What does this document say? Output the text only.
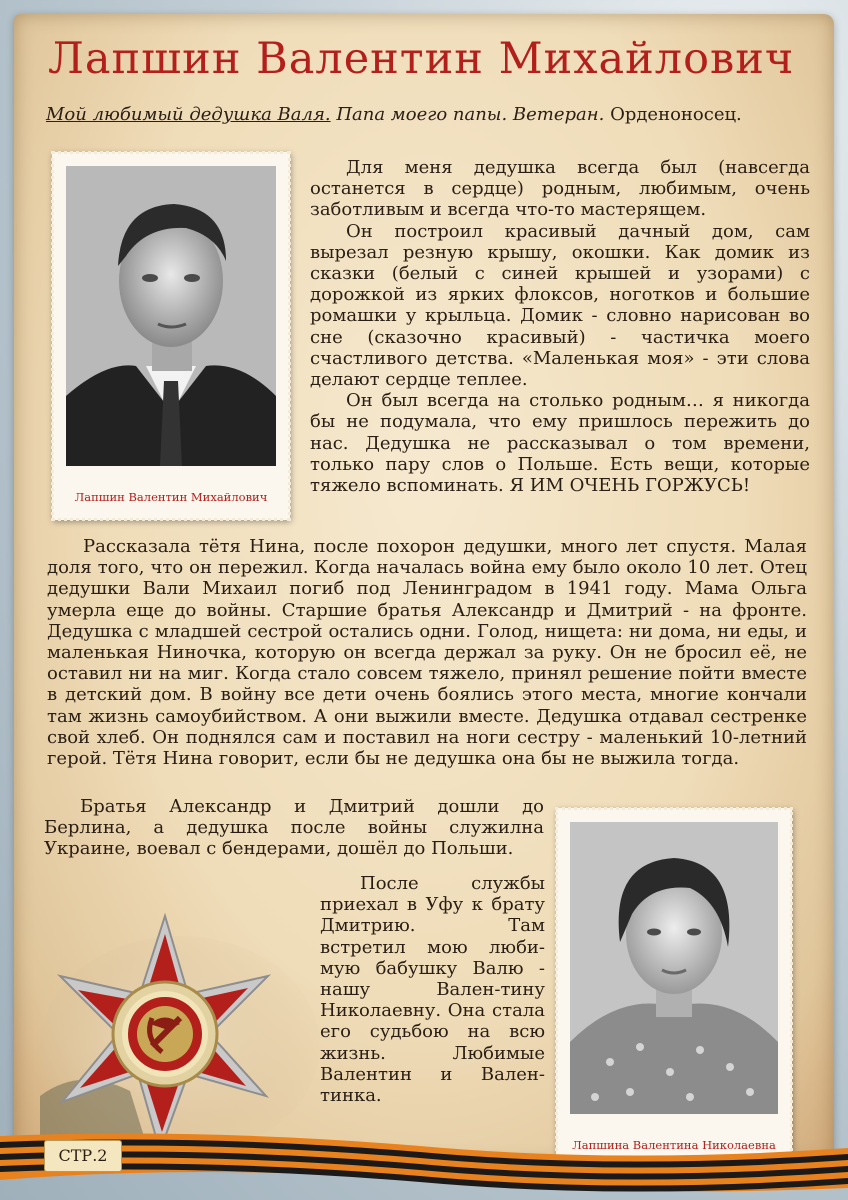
Лапшин Валентин Михайлович
Мой любимый дедушка Валя. Папа моего папы. Ветеран. Орденоносец.
Лапшин Валентин Михайлович

Для меня дедушка всегда был (навсегда останется в сердце) родным, любимым, очень заботливым и всегда что-то мастерящем.

Он построил красивый дачный дом, сам вырезал резную крышу, окошки. Как домик из сказки (белый с синей крышей и узорами) с дорожкой из ярких флоксов, ноготков и большие ромашки у крыльца. Домик - словно нарисован во сне (сказочно красивый) - частичка моего счастливого детства. «Маленькая моя» - эти слова делают сердце теплее.

Он был всегда на столько родным… я никогда бы не подумала, что ему пришлось пережить до нас. Дедушка не рассказывал о том времени, только пару слов о Польше. Есть вещи, которые тяжело вспоминать. Я ИМ ОЧЕНЬ ГОРЖУСЬ!

Рассказала тётя Нина, после похорон дедушки, много лет спустя. Малая доля того, что он пережил. Когда началась война ему было около 10 лет. Отец дедушки Вали Михаил погиб под Ленинградом в 1941 году. Мама Ольга умерла еще до войны. Старшие братья Александр и Дмитрий - на фронте. Дедушка с младшей сестрой остались одни. Голод, нищета: ни дома, ни еды, и маленькая Ниночка, которую он всегда держал за руку. Он не бросил её, не оставил ни на миг. Когда стало совсем тяжело, принял решение пойти вместе в детский дом. В войну все дети очень боялись этого места, многие кончали там жизнь самоубийством. А они выжили вместе. Дедушка отдавал сестренке свой хлеб. Он поднялся сам и поставил на ноги сестру - маленький 10-летний герой. Тётя Нина говорит, если бы не дедушка она бы не выжила тогда.

Братья Александр и Дмитрий дошли до Берлина, а дедушка после войны служилна Украине, воевал с бендерами, дошёл до Польши.

После службы приехал в Уфу к брату Дмитрию. Там встретил мою люби-мую бабушку Валю - нашу Вален-тину Николаевну. Она стала его судьбою на всю жизнь. Любимые Валентин и Вален-тинка.

Лапшина Валентина Николаевна
СТР.2
